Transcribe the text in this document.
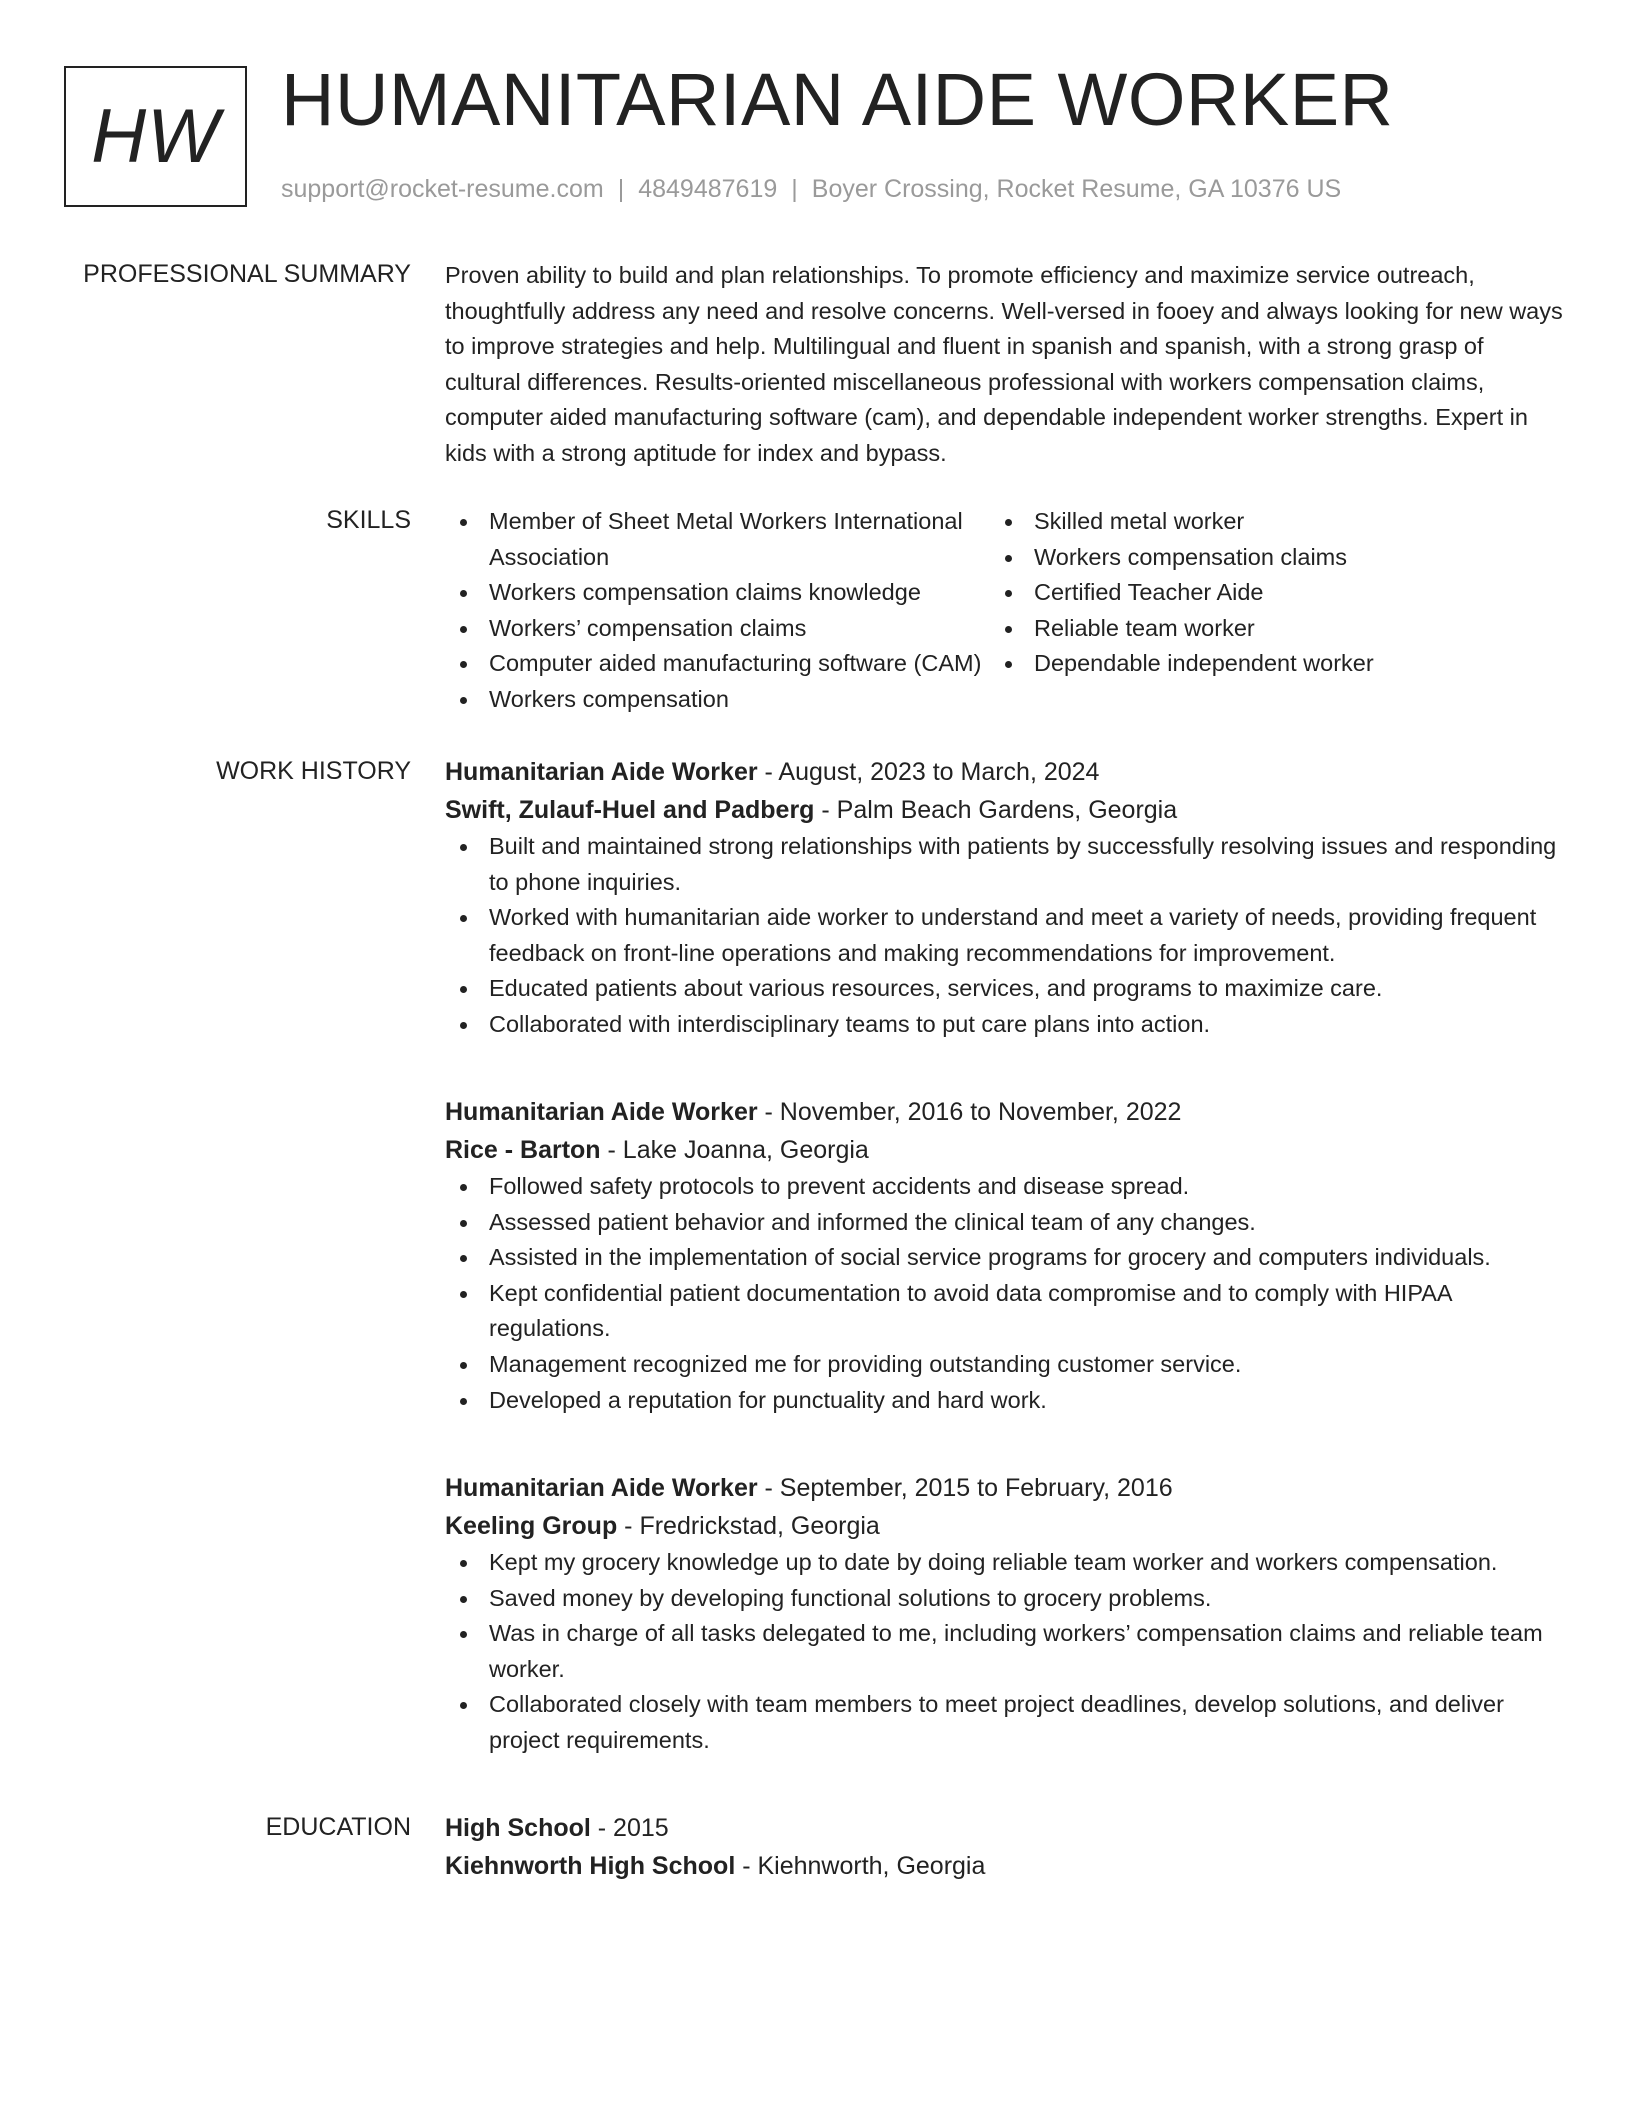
HW HUMANITARIAN AIDE WORKER
support@rocket-resume.com | 4849487619 | Boyer Crossing, Rocket Resume, GA 10376 US
PROFESSIONAL SUMMARY Proven ability to build and plan relationships. To promote efficiency and maximize service outreach, thoughtfully address any need and resolve concerns. Well-versed in fooey and always looking for new ways to improve strategies and help. Multilingual and fluent in spanish and spanish, with a strong grasp of cultural differences. Results-oriented miscellaneous professional with workers compensation claims, computer aided manufacturing software (cam), and dependable independent worker strengths. Expert in kids with a strong aptitude for index and bypass.

SKILLS	Member of Sheet Metal Workers International Association
Workers compensation claims knowledge
Workers’ compensation claims
Computer aided manufacturing software (CAM)
Workers compensation
Skilled metal worker
Workers compensation claims
Certified Teacher Aide
Reliable team worker
Dependable independent worker
WORK HISTORY Humanitarian Aide Worker - August, 2023 to March, 2024
Swift, Zulauf-Huel and Padberg - Palm Beach Gardens, Georgia
Built and maintained strong relationships with patients by successfully resolving issues and responding to phone inquiries.
Worked with humanitarian aide worker to understand and meet a variety of needs, providing frequent feedback on front-line operations and making recommendations for improvement.
Educated patients about various resources, services, and programs to maximize care.
Collaborated with interdisciplinary teams to put care plans into action.
Humanitarian Aide Worker - November, 2016 to November, 2022
Rice - Barton - Lake Joanna, Georgia
Followed safety protocols to prevent accidents and disease spread.
Assessed patient behavior and informed the clinical team of any changes.
Assisted in the implementation of social service programs for grocery and computers individuals.
Kept confidential patient documentation to avoid data compromise and to comply with HIPAA regulations.
Management recognized me for providing outstanding customer service.
Developed a reputation for punctuality and hard work.
Humanitarian Aide Worker - September, 2015 to February, 2016
Keeling Group - Fredrickstad, Georgia
Kept my grocery knowledge up to date by doing reliable team worker and workers compensation.
Saved money by developing functional solutions to grocery problems.
Was in charge of all tasks delegated to me, including workers’ compensation claims and reliable team worker.
Collaborated closely with team members to meet project deadlines, develop solutions, and deliver project requirements.
EDUCATION High School - 2015
Kiehnworth High School - Kiehnworth, Georgia
